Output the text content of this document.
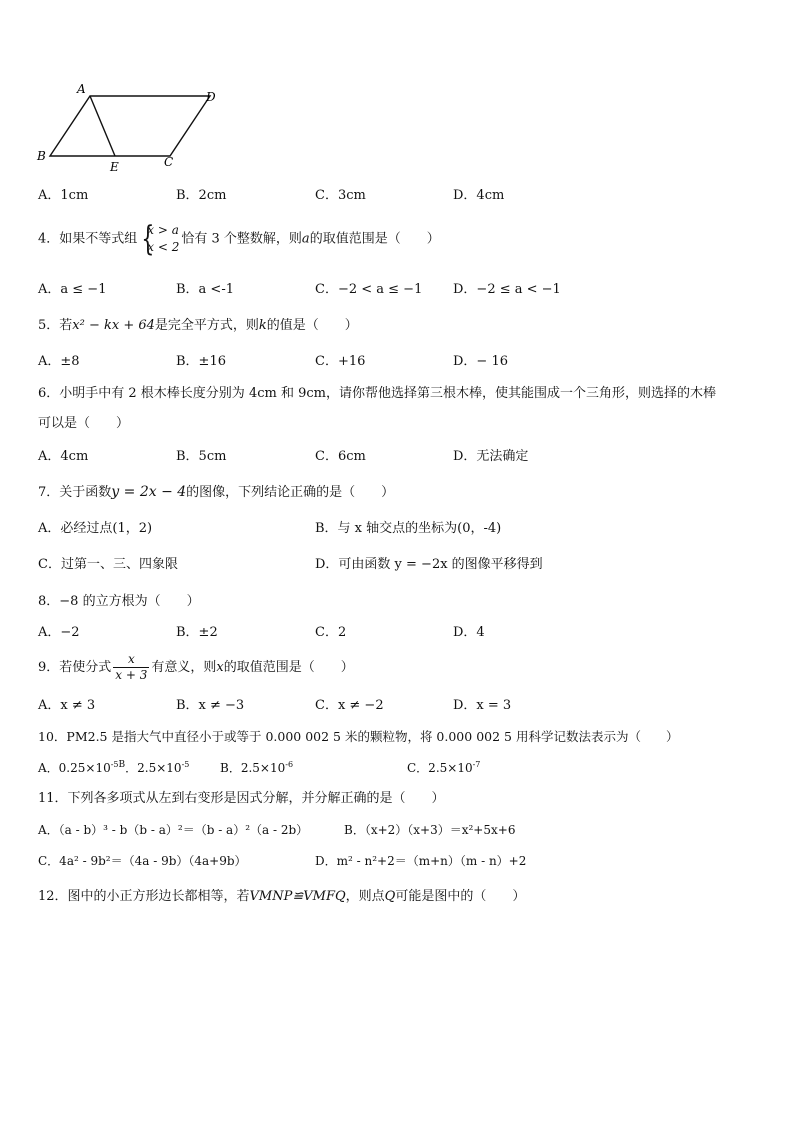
A
D
B
E	C
A．1cm	B．2cm	C．3cm	D．4cm
4．如果不等式组 {
x > a
x < 2
恰有 3 个整数解，则a的取值范围是（　　）
A．a ≤ −1	B．a <-1	C．−2 < a ≤ −1 D．−2 ≤ a < −1
5．若x² − kx + 64是完全平方式，则k的值是（　　）
A．±8	B．±16	C．+16	D．− 16
6．小明手中有 2 根木棒长度分别为 4cm 和 9cm，请你帮他选择第三根木棒，使其能围成一个三角形，则选择的木棒
可以是（　　）
A．4cm	B．5cm	C．6cm	D．无法确定
7．关于函数y = 2x − 4的图像，下列结论正确的是（　　）
A．必经过点(1，2)	B．与 x 轴交点的坐标为(0，-4)
C．过第一、三、四象限	D．可由函数 y = −2x 的图像平移得到
8．−8 的立方根为（　　）
A．−2	B．±2	C．2	D．4
9．若使分式 $\frac{x}{x + 3}$ 有意义，则x的取值范围是（　　）
A．x ≠ 3	B．x ≠ −3	C．x ≠ −2	D．x = 3
10．PM2.5 是指大气中直径小于或等于 0.000 002 5 米的颗粒物，将 0.000 002 5 用科学记数法表示为（　　）
A．$0.25\times 10^{-5B}$．$2.5\times 10^{-5}$	B．$2.5\times 10^{-6}$	C．$2.5\times 10^{-7}$
11．下列各多项式从左到右变形是因式分解，并分解正确的是（　　）
A．（a - b）³ - b（b - a）²＝（b - a）²（a - 2b）	B．（x+2）（x+3）＝x²+5x+6
C．4a² - 9b²＝（4a - 9b）（4a+9b）	D．m² - n²+2＝（m+n）（m - n）+2
12．图中的小正方形边长都相等，若VMNP≌VMFQ，则点Q可能是图中的（　　）
